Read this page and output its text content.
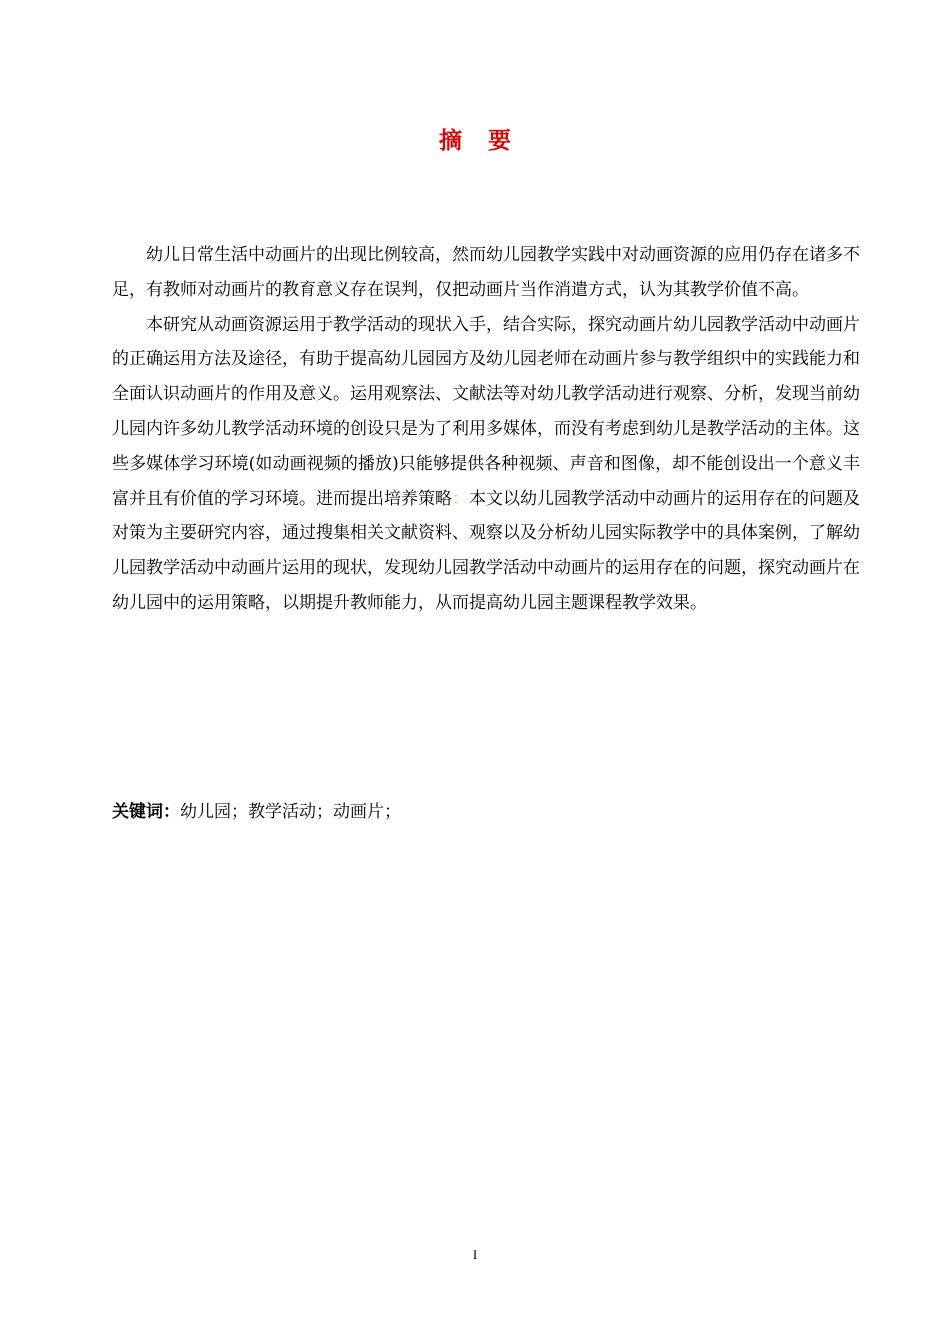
摘 要

幼儿日常生活中动画片的出现比例较高，然而幼儿园教学实践中对动画资源的应用仍存在诸多不足，有教师对动画片的教育意义存在误判，仅把动画片当作消遣方式，认为其教学价值不高。

本研究从动画资源运用于教学活动的现状入手，结合实际，探究动画片幼儿园教学活动中动画片的正确运用方法及途径，有助于提高幼儿园园方及幼儿园老师在动画片参与教学组织中的实践能力和全面认识动画片的作用及意义。运用观察法、文献法等对幼儿教学活动进行观察、分析，发现当前幼儿园内许多幼儿教学活动环境的创设只是为了利用多媒体，而没有考虑到幼儿是教学活动的主体。这些多媒体学习环境(如动画视频的播放)只能够提供各种视频、声音和图像，却不能创设出一个意义丰富并且有价值的学习环境。进而提出培养策略：本文以幼儿园教学活动中动画片的运用存在的问题及对策为主要研究内容，通过搜集相关文献资料、观察以及分析幼儿园实际教学中的具体案例，了解幼儿园教学活动中动画片运用的现状，发现幼儿园教学活动中动画片的运用存在的问题，探究动画片在幼儿园中的运用策略，以期提升教师能力，从而提高幼儿园主题课程教学效果。

关键词：幼儿园；教学活动；动画片；
I
